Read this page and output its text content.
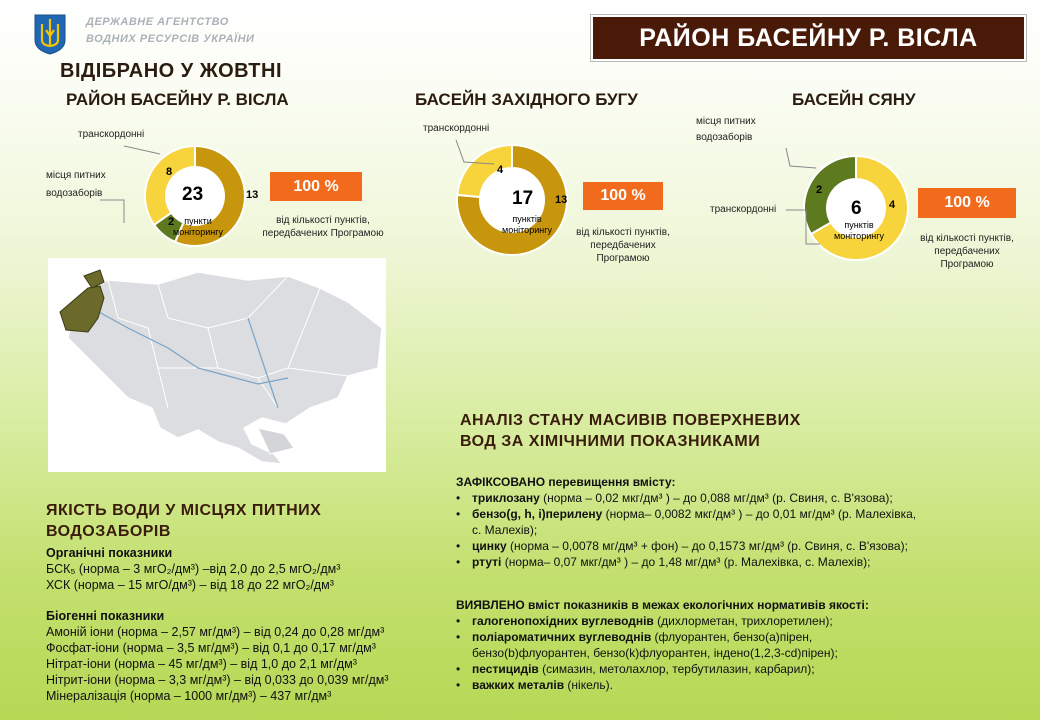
ДЕРЖАВНЕ АГЕНТСТВО
ВОДНИХ РЕСУРСІВ УКРАЇНИ	РАЙОН БАСЕЙНУ Р. ВІСЛА
ВІДІБРАНО У ЖОВТНІ
РАЙОН БАСЕЙНУ Р. ВІСЛА	БАСЕЙН ЗАХІДНОГО БУГУ	БАСЕЙН СЯНУ
транскордонні
місця питних водозаборів
8
13
2
23
пункти моніторингу
100 %
від кількості пунктів, передбачених Програмою
транскордонні
4
13
17
пунктів моніторингу
100 %
від кількості пунктів, передбачених Програмою
місця питних водозаборів
транскордонні
2
4
6
пунктів моніторингу
100 %
від кількості пунктів, передбачених Програмою
ЯКІСТЬ ВОДИ У МІСЦЯХ ПИТНИХ
ВОДОЗАБОРІВ
Органічні показники
БСК₅ (норма – 3 мгО₂/дм³) –від 2,0 до 2,5 мгО₂/дм³
ХСК (норма – 15 мгО/дм³) – від 18 до 22 мгО₂/дм³
Біогенні показники
Амоній іони (норма – 2,57 мг/дм³) – від 0,24 до 0,28 мг/дм³
Фосфат-іони (норма – 3,5 мг/дм³) – від 0,1 до 0,17 мг/дм³
Нітрат-іони (норма – 45 мг/дм³) – від 1,0 до 2,1 мг/дм³
Нітрит-іони (норма – 3,3 мг/дм³) – від 0,033 до 0,039 мг/дм³
Мінералізація (норма – 1000 мг/дм³) – 437 мг/дм³
АНАЛІЗ СТАНУ МАСИВІВ ПОВЕРХНЕВИХ
ВОД ЗА ХІМІЧНИМИ ПОКАЗНИКАМИ
ЗАФІКСОВАНО перевищення вмісту:
• триклозану (норма – 0,02 мкг/дм³ ) – до 0,088 мг/дм³ (р. Свиня, с. В'язова);
• бензо(g, h, i)перилену (норма– 0,0082 мкг/дм³ ) – до 0,01 мг/дм³ (р. Малехівка,
с. Малехів);
• цинку (норма – 0,0078 мг/дм³ + фон) – до 0,1573 мг/дм³ (р. Свиня, с. В'язова);
• ртуті (норма– 0,07 мкг/дм³ ) – до 1,48 мг/дм³ (р. Малехівка, с. Малехів);
ВИЯВЛЕНО вміст показників в межах екологічних нормативів якості:
• галогенопохідних вуглеводнів (дихлорметан, трихлоретилен);
• поліароматичних вуглеводнів (флуорантен, бензо(а)пірен,
бензо(b)флуорантен, бензо(k)флуорантен, індено(1,2,3-cd)пірен);
• пестицидів (симазин, метолахлор, тербутилазин, карбарил);
• важких металів (нікель).
